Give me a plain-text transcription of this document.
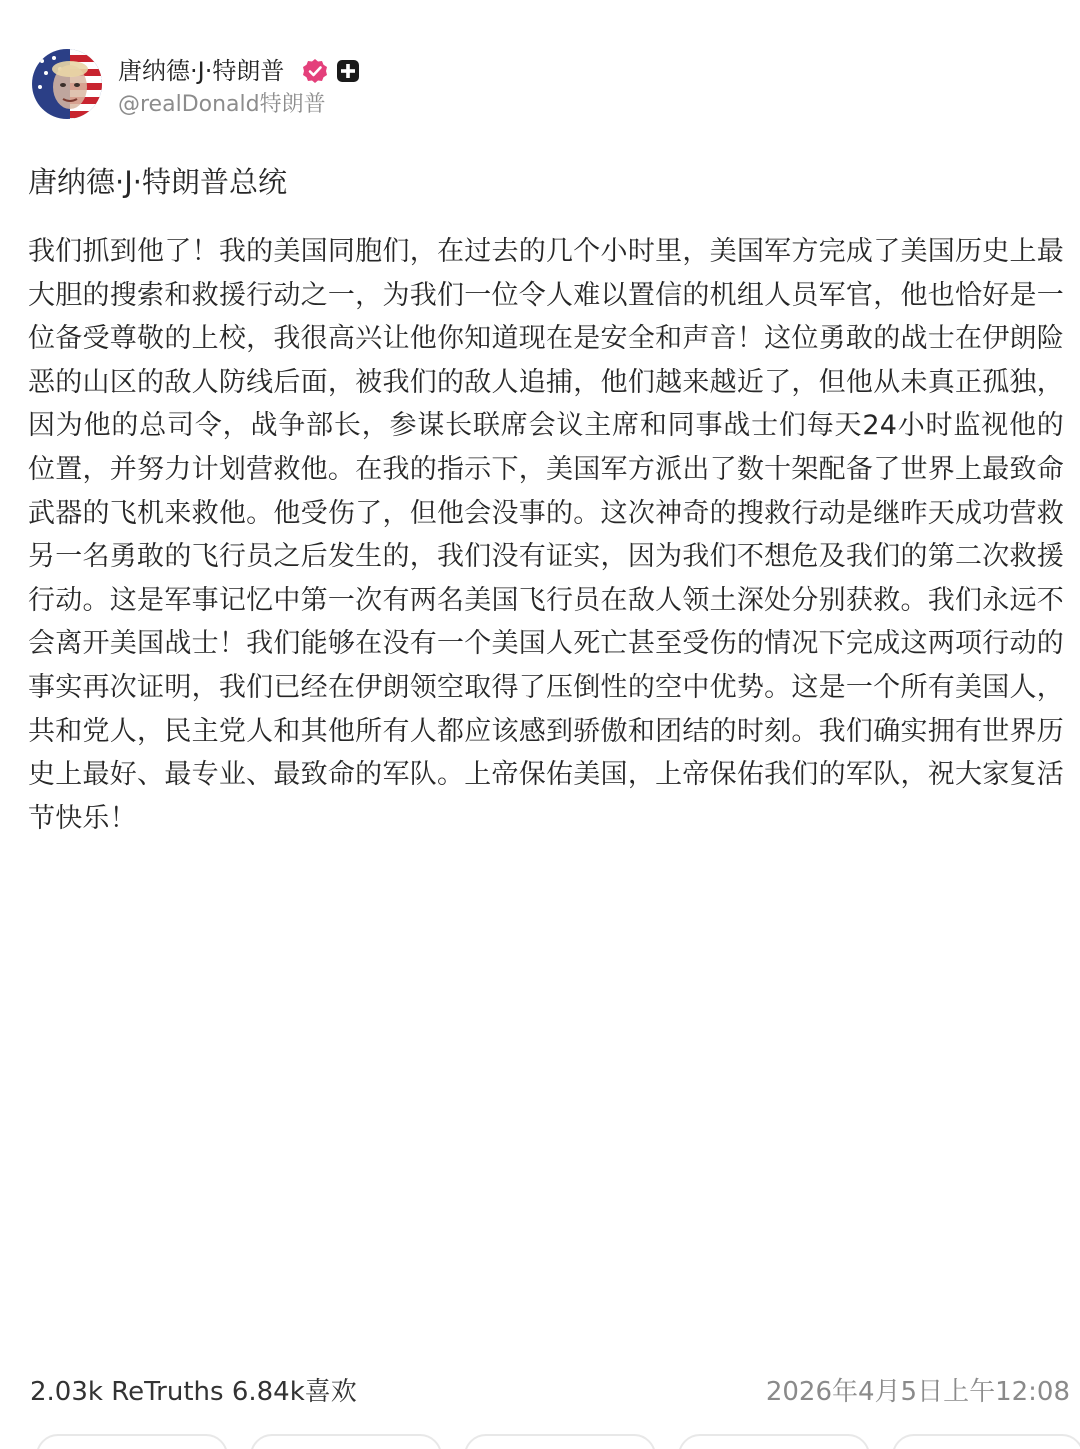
唐纳德·J·特朗普
@realDonald特朗普
唐纳德·J·特朗普总统
我们抓到他了！我的美国同胞们，在过去的几个小时里，美国军方完成了美国历史上最大胆的搜索和救援行动之一，为我们一位令人难以置信的机组人员军官，他也恰好是一位备受尊敬的上校，我很高兴让他你知道现在是安全和声音！这位勇敢的战士在伊朗险恶的山区的敌人防线后面，被我们的敌人追捕，他们越来越近了，但他从未真正孤独，因为他的总司令，战争部长，参谋长联席会议主席和同事战士们每天24小时监视他的位置，并努力计划营救他。在我的指示下，美国军方派出了数十架配备了世界上最致命武器的飞机来救他。他受伤了，但他会没事的。这次神奇的搜救行动是继昨天成功营救另一名勇敢的飞行员之后发生的，我们没有证实，因为我们不想危及我们的第二次救援行动。这是军事记忆中第一次有两名美国飞行员在敌人领土深处分别获救。我们永远不会离开美国战士！我们能够在没有一个美国人死亡甚至受伤的情况下完成这两项行动的事实再次证明，我们已经在伊朗领空取得了压倒性的空中优势。这是一个所有美国人，共和党人，民主党人和其他所有人都应该感到骄傲和团结的时刻。我们确实拥有世界历史上最好、最专业、最致命的军队。上帝保佑美国，上帝保佑我们的军队，祝大家复活节快乐！
2.03k ReTruths 6.84k喜欢	2026年4月5日上午12:08
